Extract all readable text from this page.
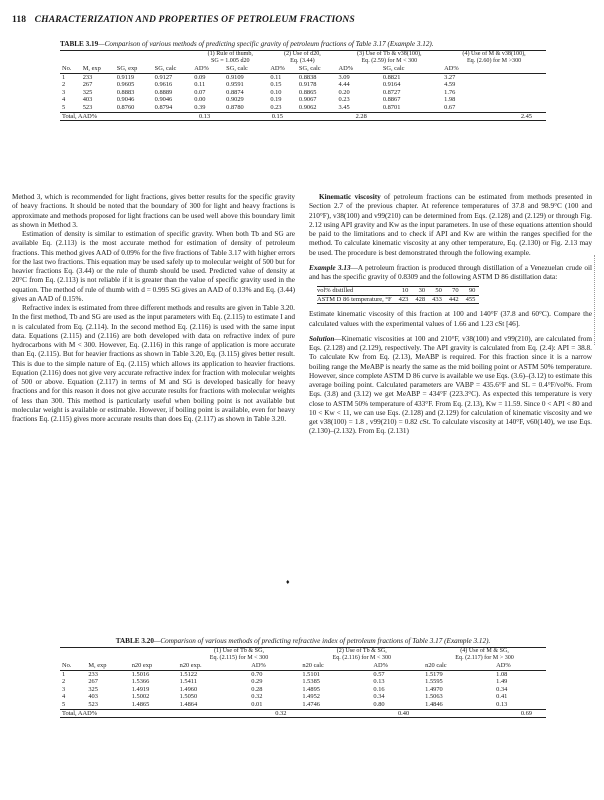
118 CHARACTERIZATION AND PROPERTIES OF PETROLEUM FRACTIONS
TABLE 3.19—Comparison of various methods of predicting specific gravity of petroleum fractions of Table 3.17 (Example 3.12).
				(1) Rule of thumb,
SG = 1.005 d20		(2) Use of d20,
Eq. (3.44)		(3) Use of Tb & v38(100),
Eq. (2.59) for M < 300		(4) Use of M & v38(100),
Eq. (2.60) for M >300
No.	M, exp	SG, exp	SG, calc	AD%	SG, calc	AD%	SG, calc	AD%	SG, calc	AD%
1	233	0.9119	0.9127	0.09	0.9109	0.11	0.8838	3.09	0.8821	3.27
2	267	0.9605	0.9616	0.11	0.9591	0.15	0.9178	4.44	0.9164	4.59
3	325	0.8883	0.8889	0.07	0.8874	0.10	0.8865	0.20	0.8727	1.76
4	403	0.9046	0.9046	0.00	0.9029	0.19	0.9067	0.23	0.8867	1.98
5	523	0.8760	0.8794	0.39	0.8780	0.23	0.9062	3.45	0.8701	0.67
Total, AAD%			0.13		0.15		2.28		2.45	

Method 3, which is recommended for light fractions, gives better results for the specific gravity of heavy fractions. It should be noted that the boundary of 300 for light and heavy fractions is approximate and methods proposed for light fractions can be used well above this boundary limit as shown in Method 3.

Estimation of density is similar to estimation of specific gravity. When both Tb and SG are available Eq. (2.113) is the most accurate method for estimation of density of petroleum fractions. This method gives AAD of 0.09% for the five fractions of Table 3.17 with higher errors for the last two fractions. This equation may be used safely up to molecular weight of 500 but for heavier fractions Eq. (3.44) or the rule of thumb should be used. Predicted value of density at 20°C from Eq. (2.113) is not reliable if it is greater than the value of specific gravity used in the equation. The method of rule of thumb with d = 0.995 SG gives an AAD of 0.13% and Eq. (3.44) gives an AAD of 0.15%.

Refractive index is estimated from three different methods and results are given in Table 3.20. In the first method, Tb and SG are used as the input parameters with Eq. (2.115) to estimate I and n is calculated from Eq. (2.114). In the second method Eq. (2.116) is used with the same input data. Equations (2.115) and (2.116) are both developed with data on refractive index of pure hydrocarbons with M < 300. However, Eq. (2.116) in this range of application is more accurate than Eq. (2.115). But for heavier fractions as shown in Table 3.20, Eq. (3.115) gives better result. This is due to the simple nature of Eq. (2.115) which allows its application to heavier fractions. Equation (2.116) does not give very accurate refractive index for fraction with molecular weights of 500 or above. Equation (2.117) in terms of M and SG is developed basically for heavy fractions and for this reason it does not give accurate results for fractions with molecular weights of less than 300. This method is particularly useful when boiling point is not available but molecular weight is available or estimable. However, if boiling point is available, even for heavy fractions Eq. (2.115) gives more accurate results than does Eq. (2.117) as shown in Table 3.20.

♦

Kinematic viscosity of petroleum fractions can be estimated from methods presented in Section 2.7 of the previous chapter. At reference temperatures of 37.8 and 98.9°C (100 and 210°F), v38(100) and v99(210) can be determined from Eqs. (2.128) and (2.129) or through Fig. 2.12 using API gravity and Kw as the input parameters. In use of these equations attention should be paid to the limitations and to check if API and Kw are within the ranges specified for the method. To calculate kinematic viscosity at any other temperature, Eq. (2.130) or Fig. 2.13 may be used. The procedure is best demonstrated through the following example.

Example 3.13—A petroleum fraction is produced through distillation of a Venezuelan crude oil and has the specific gravity of 0.8309 and the following ASTM D 86 distillation data:

vol% distilled	10	30	50	70	90
ASTM D 86 temperature, °F	423	428	433	442	455

Estimate kinematic viscosity of this fraction at 100 and 140°F (37.8 and 60°C). Compare the calculated values with the experimental values of 1.66 and 1.23 cSt [46].

Solution—Kinematic viscosities at 100 and 210°F, v38(100) and v99(210), are calculated from Eqs. (2.128) and (2.129), respectively. The API gravity is calculated from Eq. (2.4): API = 38.8. To calculate Kw from Eq. (2.13), MeABP is required. For this fraction since it is a narrow boiling range the MeABP is nearly the same as the mid boiling point or ASTM 50% temperature. However, since complete ASTM D 86 curve is available we use Eqs. (3.6)–(3.12) to estimate this average boiling point. Calculated parameters are VABP = 435.6°F and SL = 0.4°F/vol%. From Eqs. (3.8) and (3.12) we get MeABP = 434°F (223.3°C). As expected this temperature is very close to ASTM 50% temperature of 433°F. From Eq. (2.13), Kw = 11.59. Since 0 < API < 80 and 10 < Kw < 11, we can use Eqs. (2.128) and (2.129) for calculation of kinematic viscosity and we get v38(100) = 1.8 , v99(210) = 0.82 cSt. To calculate viscosity at 140°F, v60(140), we use Eqs. (2.130)–(2.132). From Eq. (2.131)

TABLE 3.20—Comparison of various methods of predicting refractive index of petroleum fractions of Table 3.17 (Example 3.12).
			(1) Use of Tb & SG,
Eq. (2.115) for M < 300		(2) Use of Tb & SG,
Eq. (2.116) for M < 300		(4) Use of M & SG,
Eq. (2.117) for M > 300	
No.	M, exp	n20 exp	n20 exp.	AD%	n20 calc	AD%	n20 calc	AD%
1	233	1.5016	1.5122	0.70	1.5101	0.57	1.5179	1.08
2	267	1.5366	1.5411	0.29	1.5385	0.13	1.5595	1.49
3	325	1.4919	1.4960	0.28	1.4895	0.16	1.4970	0.34
4	403	1.5002	1.5050	0.32	1.4952	0.34	1.5063	0.41
5	523	1.4865	1.4864	0.01	1.4746	0.80	1.4846	0.13
Total, AAD%			0.32		0.40		0.69	
